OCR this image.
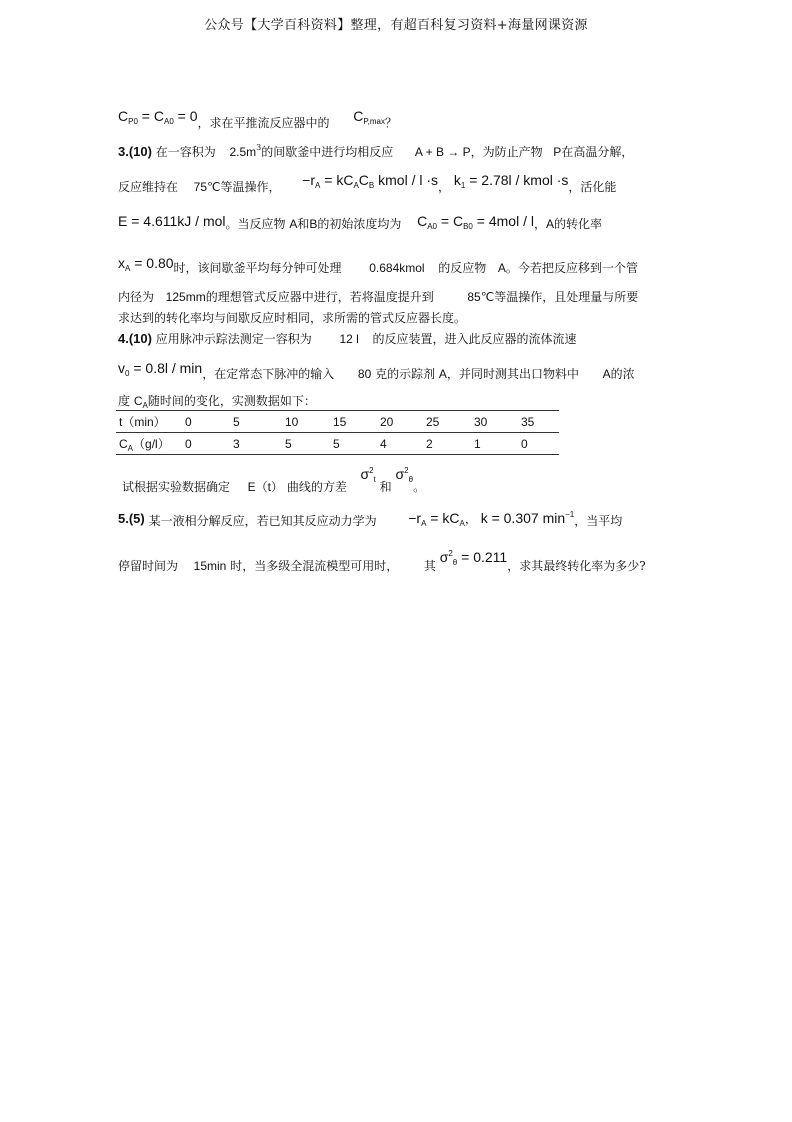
公众号【大学百科资料】整理，有超百科复习资料+海量网课资源
$C_{P0} = C_{A0} = 0$，求在平推流反应器中的 $C_{P,max}$？
3.(10) 在一容积为 $2.5m^3$的间歇釜中进行均相反应 A + B → P，为防止产物 P在高温分解，
反应维持在 75℃等温操作， $-r_A = kC_AC_B$ kmol / l ·s， $k_1 = 2.78l$ / kmol ·s，活化能
E = 4.611kJ / mol。当反应物 A和B的初始浓度均为 $C_{A0} = C_{B0} = 4mol / l$，A的转化率
$x_A = 0.80$时，该间歇釜平均每分钟可处理 0.684kmol 的反应物 A。今若把反应移到一个管
内径为 125mm的理想管式反应器中进行，若将温度提升到	85℃等温操作，且处理量与所要
求达到的转化率均与间歇反应时相同，求所需的管式反应器长度。
4.(10) 应用脉冲示踪法测定一容积为 12 l 的反应装置，进入此反应器的流体流速
$v_0 = 0.8l / \min$，在定常态下脉冲的输入 80 克的示踪剂 A，并同时测其出口物料中 A的浓
度 $C_A$随时间的变化，实测数据如下：
t（min）	0	5	10	15	20	25	30	35
$C_A(g/l)$	0	3	5	5	4	2	1	0
试根据实验数据确定 E（t） 曲线的方差  $\sigma^2_t$ 和 $\sigma^2_\theta$。
5.(5) 某一液相分解反应，若已知其反应动力学为 $-r_A = kC_A$， k = 0.307 $\min^{-1}$，当平均
停留时间为 15min 时，当多级全混流模型可用时， 其 $\sigma^2_\theta = 0.211$，求其最终转化率为多少?
